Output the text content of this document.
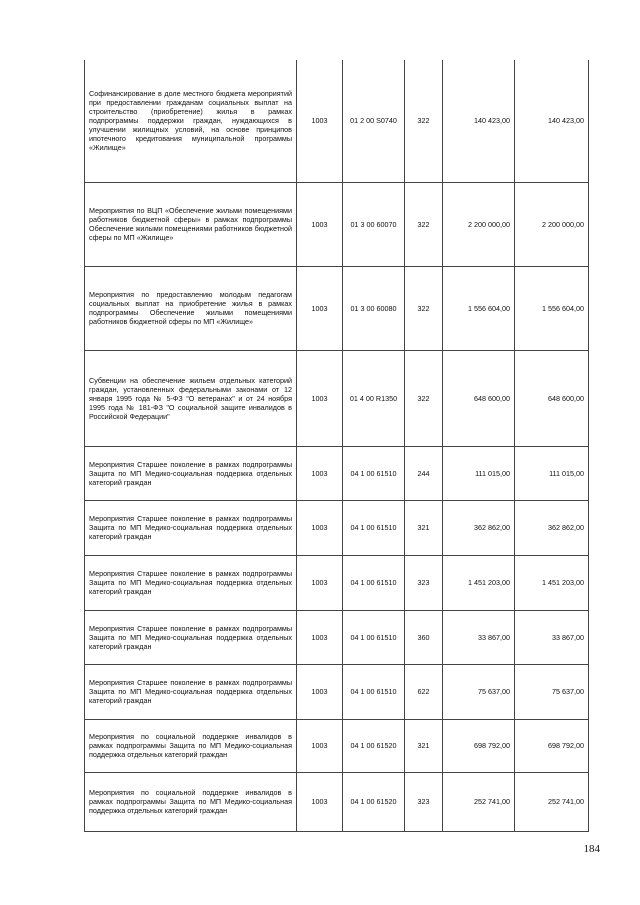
Софинансирование в доле местного бюджета мероприятий при предоставлении гражданам социальных выплат на строительство (приобретение) жилья в рамках подпрограммы поддержки граждан, нуждающихся в улучшении жилищных условий, на основе принципов ипотечного кредитования муниципальной программы «Жилище»	1003	01 2 00 S0740	322	140 423,00	140 423,00
Мероприятия по ВЦП «Обеспечение жильми помещениями работников бюджетной сферы» в рамках подпрограммы Обеспечение жилыми помещениями работников бюджетной сферы по МП «Жилище»	1003	01 3 00 60070	322	2 200 000,00	2 200 000,00
Мероприятия по предоставлению молодым педагогам социальных выплат на приобретение жилья в рамках подпрограммы Обеспечение жилыми помещениями работников бюджетной сферы по МП «Жилище»	1003	01 3 00 60080	322	1 556 604,00	1 556 604,00
Субвенции на обеспечение жильем отдельных категорий граждан, установленных федеральными законами от 12 января 1995 года № 5-ФЗ "О ветеранах" и от 24 ноября 1995 года № 181-ФЗ "О социальной защите инвалидов в Российской Федерации"	1003	01 4 00 R1350	322	648 600,00	648 600,00
Мероприятия Старшее поколение в рамках подпрограммы Защита по МП Медико-социальная поддержка отдельных категорий граждан	1003	04 1 00 61510	244	111 015,00	111 015,00
Мероприятия Старшее поколение в рамках подпрограммы Защита по МП Медико-социальная поддержка отдельных категорий граждан	1003	04 1 00 61510	321	362 862,00	362 862,00
Мероприятия Старшее поколение в рамках подпрограммы Защита по МП Медико-социальная поддержка отдельных категорий граждан	1003	04 1 00 61510	323	1 451 203,00	1 451 203,00
Мероприятия Старшее поколение в рамках подпрограммы Защита по МП Медико-социальная поддержка отдельных категорий граждан	1003	04 1 00 61510	360	33 867,00	33 867,00
Мероприятия Старшее поколение в рамках подпрограммы Защита по МП Медико-социальная поддержка отдельных категорий граждан	1003	04 1 00 61510	622	75 637,00	75 637,00
Мероприятия по социальной поддержке инвалидов в рамках подпрограммы Защита по МП Медико-социальная поддержка отдельных категорий граждан	1003	04 1 00 61520	321	698 792,00	698 792,00
Мероприятия по социальной поддержке инвалидов в рамках подпрограммы Защита по МП Медико-социальная поддержка отдельных категорий граждан	1003	04 1 00 61520	323	252 741,00	252 741,00
184
